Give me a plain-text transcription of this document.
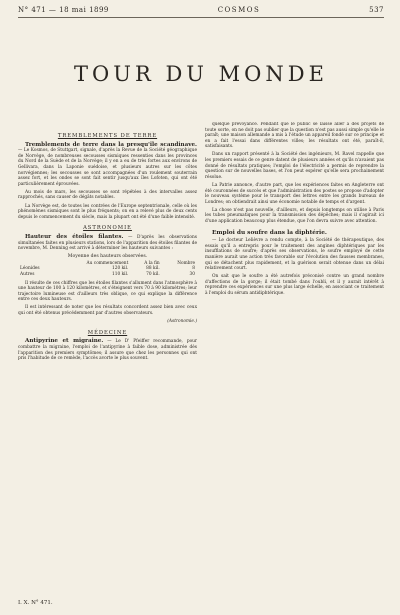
N° 471 — 18 mai 1899	COSMOS	537
TOUR DU MONDE
TREMBLEMENTS DE TERRE

Tremblements de terre dans la presqu'île scandinave. — Le Kosmos, de Stuttgart, signale, d'après la Revue de la Société géographique de Norvège, de nombreuses secousses sismiques ressenties dans les provinces du Nord de la Suède et de la Norvège; il y en a eu de très fortes aux environs de Gellivara, dans la Laponie suédoise, et plusieurs autres sur les côtes norvégiennes; les secousses se sont accompagnées d'un roulement souterrain assez fort, et les ondes se sont fait sentir jusqu'aux îles Lofoten, qui ont été particulièrement éprouvées.

Au mois de mars, les secousses se sont répétées à des intervalles assez rapprochés, sans causer de dégâts notables.

La Norvège est, de toutes les contrées de l'Europe septentrionale, celle où les phénomènes sismiques sont le plus fréquents; on en a relevé plus de deux cents depuis le commencement du siècle, mais la plupart ont été d'une faible intensité.

ASTRONOMIE

Hauteur des étoiles filantes. — D'après les observations simultanées faites en plusieurs stations, lors de l'apparition des étoiles filantes de novembre, M. Denning est arrivé à déterminer les hauteurs suivantes :

Moyenne des hauteurs observées.
	Au commencement	A la fin	Nombre
Léonides	120 kil.	88 kil.	8
Autres	110 kil.	70 kil.	30

Il résulte de ces chiffres que les étoiles filantes s'allument dans l'atmosphère à une hauteur de 100 à 120 kilomètres, et s'éteignent vers 70 à 90 kilomètres; leur trajectoire lumineuse est d'ailleurs très oblique, ce qui explique la différence entre ces deux hauteurs.

Il est intéressant de noter que les résultats concordent assez bien avec ceux qui ont été obtenus précédemment par d'autres observateurs.

(Astronomie.)
MÉDECINE

Antipyrine et migraine. — Le D' Pfeiffer recommande, pour combattre la migraine, l'emploi de l'antipyrine à faible dose, administrée dès l'apparition des premiers symptômes; il assure que chez les personnes qui ont pris l'habitude de ce remède, l'accès avorte le plus souvent.

quelque prévoyance. Pendant que le public se laisse aller à des projets de toute sorte, on ne doit pas oublier que la question n'est pas aussi simple qu'elle le paraît; une maison allemande a mis à l'étude un appareil fondé sur ce principe et en a fait l'essai dans différentes villes; les résultats ont été, paraît-il, satisfaisants.

Dans un rapport présenté à la Société des ingénieurs, M. Ravel rappelle que les premiers essais de ce genre datent de plusieurs années et qu'ils n'avaient pas donné de résultats pratiques; l'emploi de l'électricité a permis de reprendre la question sur de nouvelles bases, et l'on peut espérer qu'elle sera prochainement résolue.

La Patrie annonce, d'autre part, que les expériences faites en Angleterre ont été couronnées de succès et que l'administration des postes se propose d'adopter le nouveau système pour le transport des lettres entre les grands bureaux de Londres; on obtiendrait ainsi une économie notable de temps et d'argent.

La chose n'est pas nouvelle, d'ailleurs, et depuis longtemps on utilise à Paris les tubes pneumatiques pour la transmission des dépêches; mais il s'agirait ici d'une application beaucoup plus étendue, que l'on devra suivre avec attention.

Emploi du soufre dans la diphtérie.

— Le docteur Lelièvre a rendu compte, à la Société de thérapeutique, des essais qu'il a entrepris pour le traitement des angines diphtériques par les insufflations de soufre; d'après ses observations, le soufre employé de cette manière aurait une action très favorable sur l'évolution des fausses membranes, qui se détachent plus rapidement, et la guérison serait obtenue dans un délai relativement court.

On sait que le soufre a été autrefois préconisé contre un grand nombre d'affections de la gorge; il était tombé dans l'oubli, et il y aurait intérêt à reprendre ces expériences sur une plus large échelle, en associant ce traitement à l'emploi du sérum antidiphtérique.

I. X. N° 471.
